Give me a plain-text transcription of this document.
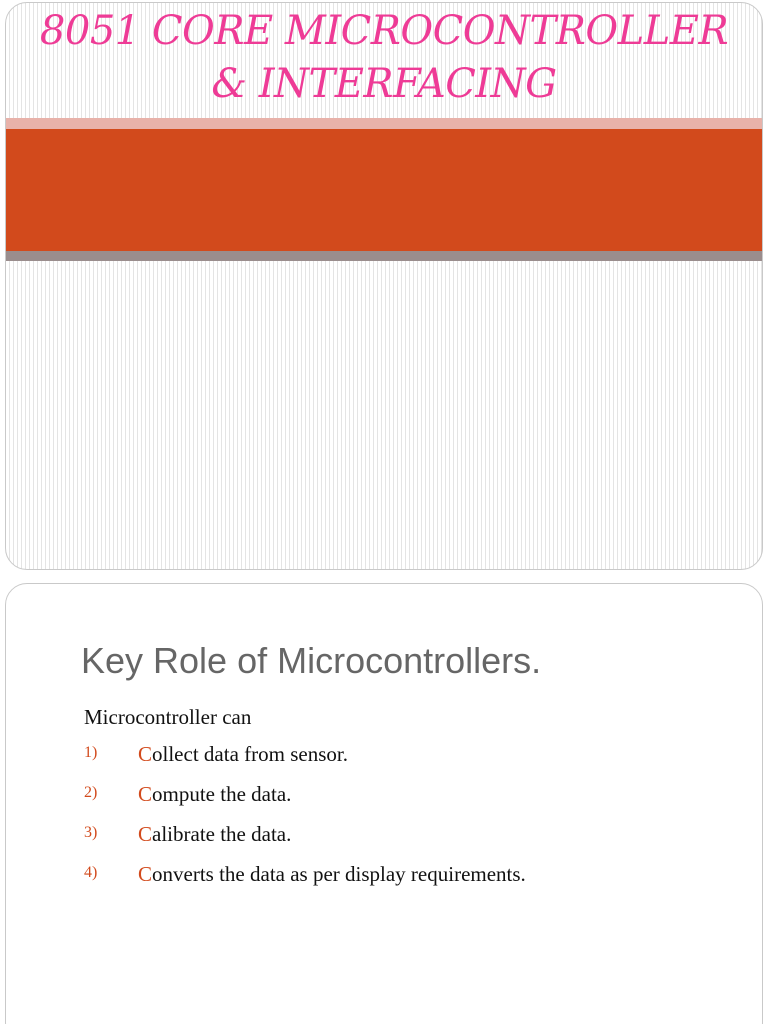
8051 CORE MICROCONTROLLER
& INTERFACING
Key Role of Microcontrollers.
Microcontroller can
1) Collect data from sensor.
2) Compute the data.
3) Calibrate the data.
4) Converts the data as per display requirements.
